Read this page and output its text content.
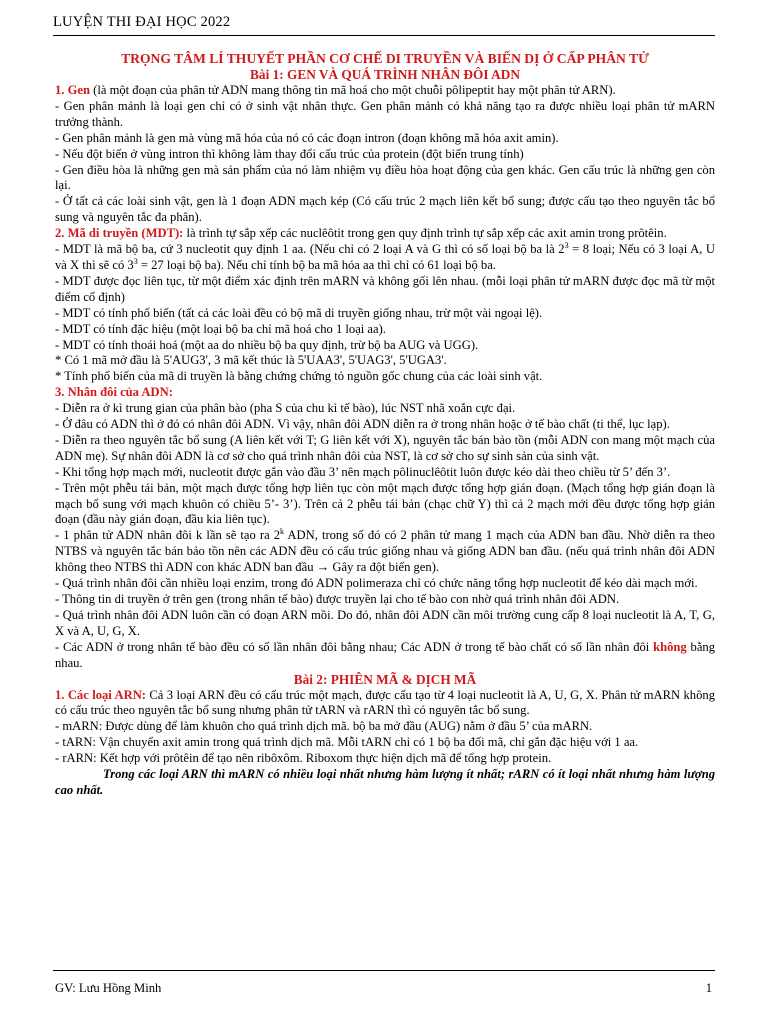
LUYỆN THI ĐẠI HỌC 2022

TRỌNG TÂM LÍ THUYẾT PHẦN CƠ CHẾ DI TRUYỀN VÀ BIẾN DỊ Ở CẤP PHÂN TỬ

Bài 1: GEN VÀ QUÁ TRÌNH NHÂN ĐÔI ADN

1. Gen (là một đoạn của phân tử ADN mang thông tin mã hoá cho một chuỗi pôlipeptit hay một phân tử ARN).

- Gen phân mảnh là loại gen chỉ có ở sinh vật nhân thực. Gen phân mảnh có khả năng tạo ra được nhiều loại phân tử mARN trưởng thành.

- Gen phân mảnh là gen mà vùng mã hóa của nó có các đoạn intron (đoạn không mã hóa axit amin).

- Nếu đột biến ở vùng intron thì không làm thay đổi cấu trúc của protein (đột biến trung tính)

- Gen điều hòa là những gen mà sản phẩm của nó làm nhiệm vụ điều hòa hoạt động của gen khác. Gen cấu trúc là những gen còn lại.

- Ở tất cả các loài sinh vật, gen là 1 đoạn ADN mạch kép (Có cấu trúc 2 mạch liên kết bổ sung; được cấu tạo theo nguyên tắc bổ sung và nguyên tắc đa phân).

2. Mã di truyền (MDT): là trình tự sắp xếp các nuclêôtit trong gen quy định trình tự sắp xếp các axit amin trong prôtêin.

- MDT là mã bộ ba, cứ 3 nucleotit quy định 1 aa. (Nếu chỉ có 2 loại A và G thì có số loại bộ ba là $2^3 = 8$ loại; Nếu có 3 loại A, U và X thì sẽ có $3^3 = 27$ loại bộ ba). Nếu chỉ tính bộ ba mã hóa aa thì chỉ có 61 loại bộ ba.

- MDT được đọc liên tục, từ một điểm xác định trên mARN và không gối lên nhau. (mỗi loại phân tử mARN được đọc mã từ một điểm cố định)

- MDT có tính phổ biến (tất cả các loài đều có bộ mã di truyền giống nhau, trừ một vài ngoại lệ).

- MDT có tính đặc hiệu (một loại bộ ba chỉ mã hoá cho 1 loại aa).

- MDT có tính thoái hoá (một aa do nhiều bộ ba quy định, trừ bộ ba AUG và UGG).

* Có 1 mã mở đầu là 5'AUG3', 3 mã kết thúc là 5'UAA3', 5'UAG3', 5'UGA3'.

* Tính phổ biến của mã di truyền là bằng chứng chứng tỏ nguồn gốc chung của các loài sinh vật.

3. Nhân đôi của ADN:

- Diễn ra ở kì trung gian của phân bào (pha S của chu kì tế bào), lúc NST nhã xoắn cực đại.

- Ở đâu có ADN thì ở đó có nhân đôi ADN. Vì vậy, nhân đôi ADN diễn ra ở trong nhân hoặc ở tế bào chất (ti thể, lục lạp).

- Diễn ra theo nguyên tắc bổ sung (A liên kết với T; G liên kết với X), nguyên tắc bán bảo tồn (mỗi ADN con mang một mạch của ADN mẹ). Sự nhân đôi ADN là cơ sở cho quá trình nhân đôi của NST, là cơ sở cho sự sinh sản của sinh vật.

- Khi tổng hợp mạch mới, nucleotit được gắn vào đầu 3’ nên mạch pôlinuclêôtit luôn được kéo dài theo chiều từ 5’ đến 3’.

- Trên một phễu tái bản, một mạch được tổng hợp liên tục còn một mạch được tổng hợp gián đoạn. (Mạch tổng hợp gián đoạn là mạch bổ sung với mạch khuôn có chiều 5’- 3’). Trên cả 2 phễu tái bản (chạc chữ Y) thì cả 2 mạch mới đều được tổng hợp gián đoạn (đầu này gián đoạn, đầu kia liên tục).

- 1 phân tử ADN nhân đôi k lần sẽ tạo ra 2$^k$ ADN, trong số đó có 2 phân tử mang 1 mạch của ADN ban đầu. Nhờ diễn ra theo NTBS và nguyên tắc bán bảo tồn nên các ADN đều có cấu trúc giống nhau và giống ADN ban đầu. (nếu quá trình nhân đôi ADN không theo NTBS thì ADN con khác ADN ban đầu → Gây ra đột biến gen).

- Quá trình nhân đôi cần nhiều loại enzim, trong đó ADN polimeraza chỉ có chức năng tổng hợp nucleotit để kéo dài mạch mới.

- Thông tin di truyền ở trên gen (trong nhân tế bào) được truyền lại cho tế bào con nhờ quá trình nhân đôi ADN.

- Quá trình nhân đôi ADN luôn cần có đoạn ARN mồi. Do đó, nhân đôi ADN cần môi trường cung cấp 8 loại nucleotit là A, T, G, X và A, U, G, X.

- Các ADN ở trong nhân tế bào đều có số lần nhân đôi bằng nhau; Các ADN ở trong tế bào chất có số lần nhân đôi không bằng nhau.

Bài 2: PHIÊN MÃ & DỊCH MÃ

1. Các loại ARN: Cả 3 loại ARN đều có cấu trúc một mạch, được cấu tạo từ 4 loại nucleotit là A, U, G, X. Phân tử mARN không có cấu trúc theo nguyên tắc bổ sung nhưng phân tử tARN và rARN thì có nguyên tắc bổ sung.

- mARN: Được dùng để làm khuôn cho quá trình dịch mã. bộ ba mở đầu (AUG) nằm ở đầu 5’ của mARN.

- tARN: Vận chuyển axit amin trong quá trình dịch mã. Mỗi tARN chỉ có 1 bộ ba đối mã, chỉ gắn đặc hiệu với 1 aa.

- rARN: Kết hợp với prôtêin để tạo nên ribôxôm. Riboxom thực hiện dịch mã để tổng hợp protein.

Trong các loại ARN thì mARN có nhiều loại nhất nhưng hàm lượng ít nhất; rARN có ít loại nhất nhưng hàm lượng cao nhất.

GV: Lưu Hồng Minh	1
